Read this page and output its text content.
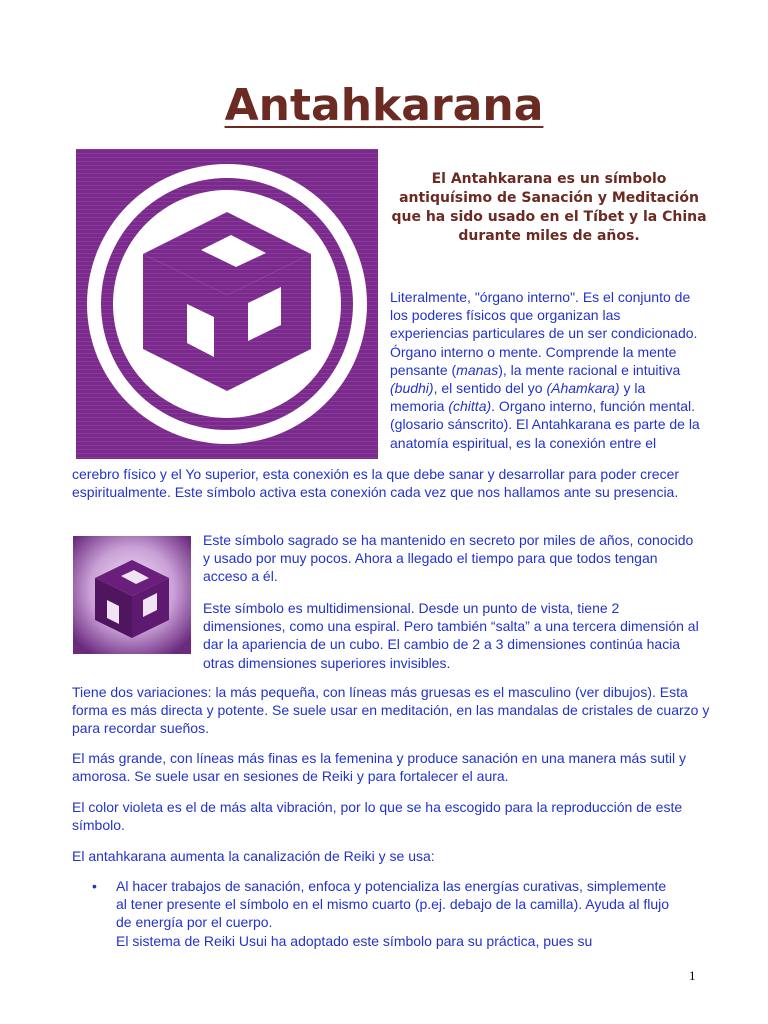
Antahkarana
El Antahkarana es un símbolo antiquísimo de Sanación y Meditación que ha sido usado en el Tíbet y la China durante miles de años.
Literalmente, "órgano interno". Es el conjunto de los poderes físicos que organizan las experiencias particulares de un ser condicionado. Órgano interno o mente. Comprende la mente pensante (manas), la mente racional e intuitiva (budhi), el sentido del yo (Ahamkara) y la memoria (chitta). Organo interno, función mental. (glosario sánscrito). El Antahkarana es parte de la anatomía espiritual, es la conexión entre el
cerebro físico y el Yo superior, esta conexión es la que debe sanar y desarrollar para poder crecer espiritualmente. Este símbolo activa esta conexión cada vez que nos hallamos ante su presencia.
Este símbolo sagrado se ha mantenido en secreto por miles de años, conocido y usado por muy pocos. Ahora a llegado el tiempo para que todos tengan acceso a él.
Este símbolo es multidimensional. Desde un punto de vista, tiene 2 dimensiones, como una espiral. Pero también “salta” a una tercera dimensión al dar la apariencia de un cubo. El cambio de 2 a 3 dimensiones continúa hacia otras dimensiones superiores invisibles.
Tiene dos variaciones: la más pequeña, con líneas más gruesas es el masculino (ver dibujos). Esta forma es más directa y potente. Se suele usar en meditación, en las mandalas de cristales de cuarzo y para recordar sueños.
El más grande, con líneas más finas es la femenina y produce sanación en una manera más sutil y amorosa. Se suele usar en sesiones de Reiki y para fortalecer el aura.
El color violeta es el de más alta vibración, por lo que se ha escogido para la reproducción de este símbolo.
El antahkarana aumenta la canalización de Reiki y se usa:
• Al hacer trabajos de sanación, enfoca y potencializa las energías curativas, simplemente al tener presente el símbolo en el mismo cuarto (p.ej. debajo de la camilla). Ayuda al flujo de energía por el cuerpo.
El sistema de Reiki Usui ha adoptado este símbolo para su práctica, pues su
1
